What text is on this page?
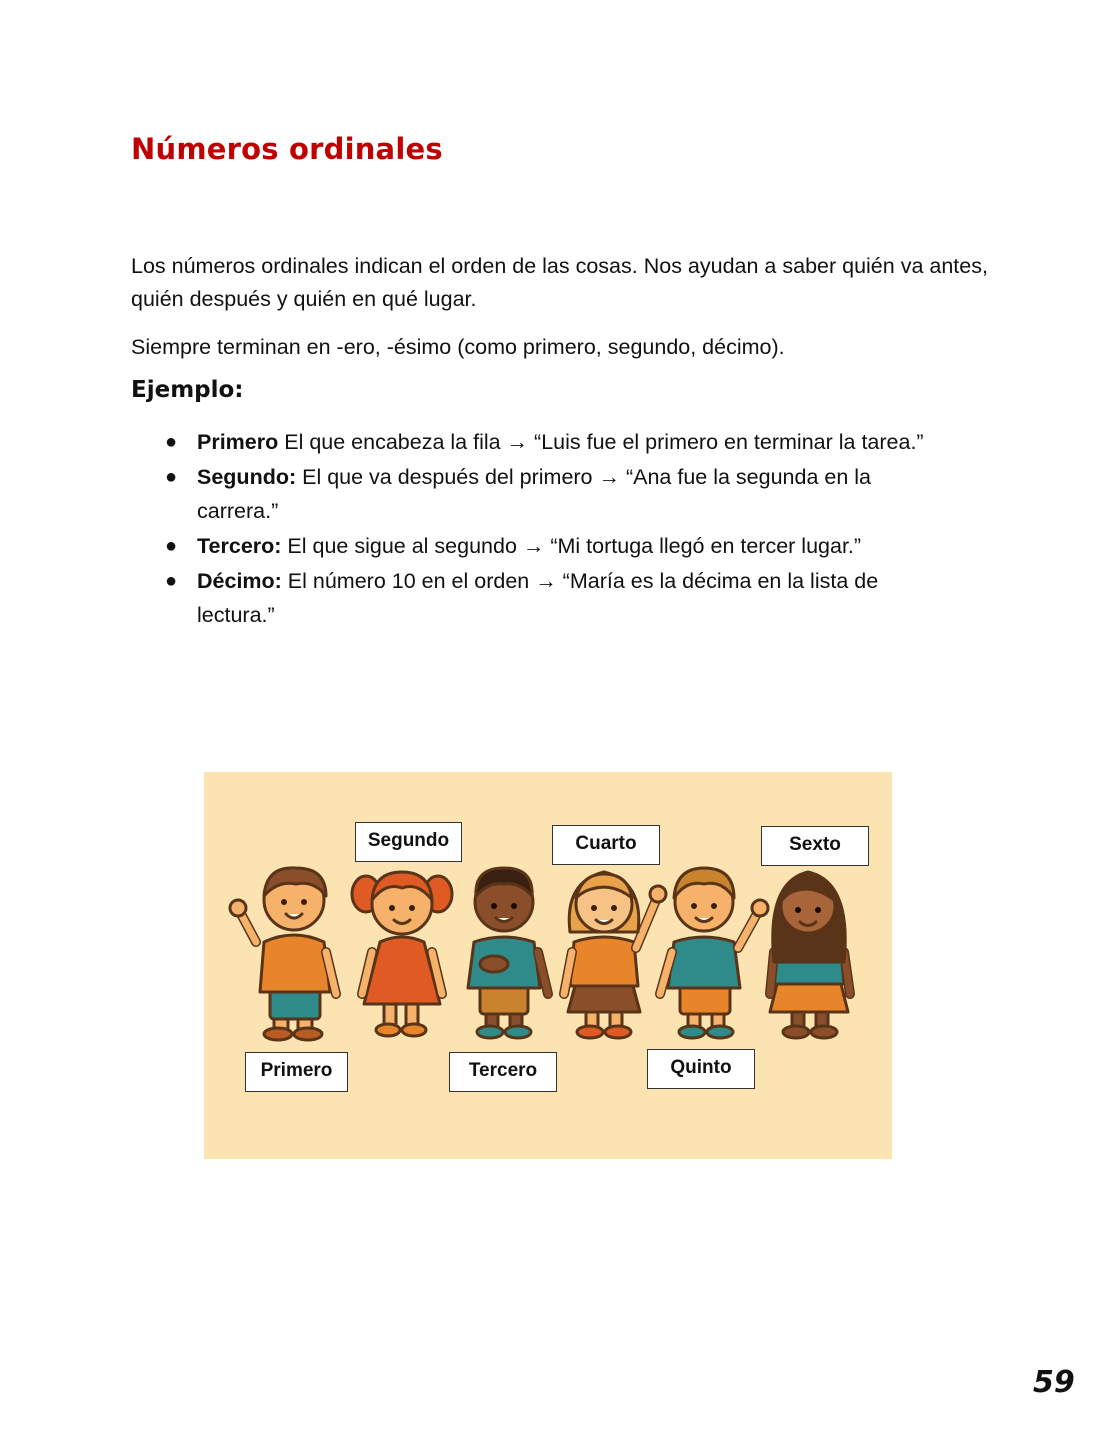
Números ordinales
Los números ordinales indican el orden de las cosas. Nos ayudan a saber quién va antes, quién después y quién en qué lugar.
Siempre terminan en -ero, -ésimo (como primero, segundo, décimo).
Ejemplo:
● Primero El que encabeza la fila → “Luis fue el primero en terminar la tarea.”
● Segundo: El que va después del primero → “Ana fue la segunda en la carrera.”
● Tercero: El que sigue al segundo → “Mi tortuga llegó en tercer lugar.”
● Décimo: El número 10 en el orden → “María es la décima en la lista de lectura.”
Segundo	Cuarto	Sexto
Primero	Tercero	Quinto
59
